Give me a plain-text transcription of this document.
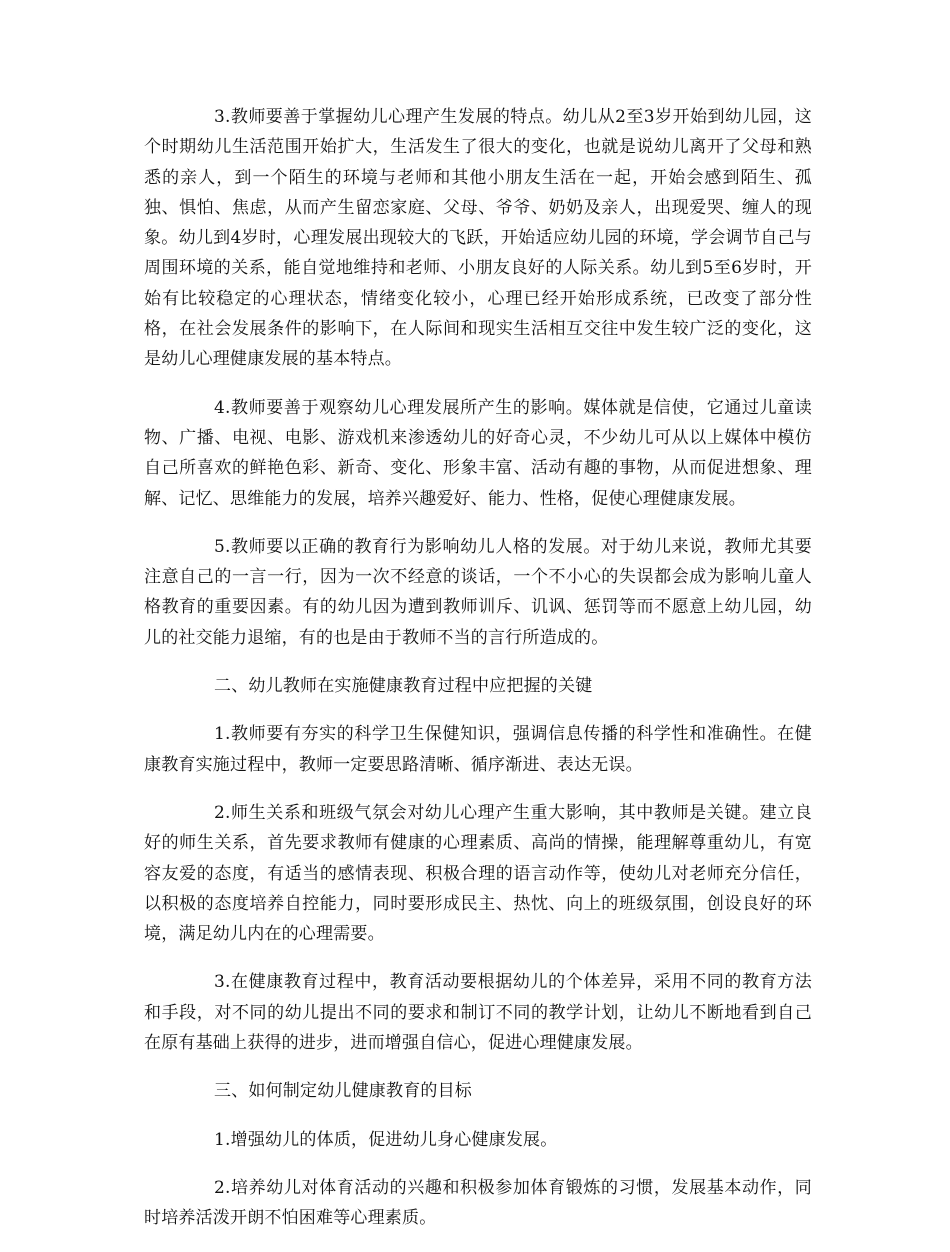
3.教师要善于掌握幼儿心理产生发展的特点。幼儿从2至3岁开始到幼儿园，这个时期幼儿生活范围开始扩大，生活发生了很大的变化，也就是说幼儿离开了父母和熟悉的亲人，到一个陌生的环境与老师和其他小朋友生活在一起，开始会感到陌生、孤独、惧怕、焦虑，从而产生留恋家庭、父母、爷爷、奶奶及亲人，出现爱哭、缠人的现象。幼儿到4岁时，心理发展出现较大的飞跃，开始适应幼儿园的环境，学会调节自己与周围环境的关系，能自觉地维持和老师、小朋友良好的人际关系。幼儿到5至6岁时，开始有比较稳定的心理状态，情绪变化较小，心理已经开始形成系统，已改变了部分性格，在社会发展条件的影响下，在人际间和现实生活相互交往中发生较广泛的变化，这是幼儿心理健康发展的基本特点。

4.教师要善于观察幼儿心理发展所产生的影响。媒体就是信使，它通过儿童读物、广播、电视、电影、游戏机来渗透幼儿的好奇心灵，不少幼儿可从以上媒体中模仿自己所喜欢的鲜艳色彩、新奇、变化、形象丰富、活动有趣的事物，从而促进想象、理解、记忆、思维能力的发展，培养兴趣爱好、能力、性格，促使心理健康发展。

5.教师要以正确的教育行为影响幼儿人格的发展。对于幼儿来说，教师尤其要注意自己的一言一行，因为一次不经意的谈话，一个不小心的失误都会成为影响儿童人格教育的重要因素。有的幼儿因为遭到教师训斥、讥讽、惩罚等而不愿意上幼儿园，幼儿的社交能力退缩，有的也是由于教师不当的言行所造成的。

二、幼儿教师在实施健康教育过程中应把握的关键

1.教师要有夯实的科学卫生保健知识，强调信息传播的科学性和准确性。在健康教育实施过程中，教师一定要思路清晰、循序渐进、表达无误。

2.师生关系和班级气氛会对幼儿心理产生重大影响，其中教师是关键。建立良好的师生关系，首先要求教师有健康的心理素质、高尚的情操，能理解尊重幼儿，有宽容友爱的态度，有适当的感情表现、积极合理的语言动作等，使幼儿对老师充分信任，以积极的态度培养自控能力，同时要形成民主、热忱、向上的班级氛围，创设良好的环境，满足幼儿内在的心理需要。

3.在健康教育过程中，教育活动要根据幼儿的个体差异，采用不同的教育方法和手段，对不同的幼儿提出不同的要求和制订不同的教学计划，让幼儿不断地看到自己在原有基础上获得的进步，进而增强自信心，促进心理健康发展。

三、如何制定幼儿健康教育的目标

1.增强幼儿的体质，促进幼儿身心健康发展。

2.培养幼儿对体育活动的兴趣和积极参加体育锻炼的习惯，发展基本动作，同时培养活泼开朗不怕困难等心理素质。
